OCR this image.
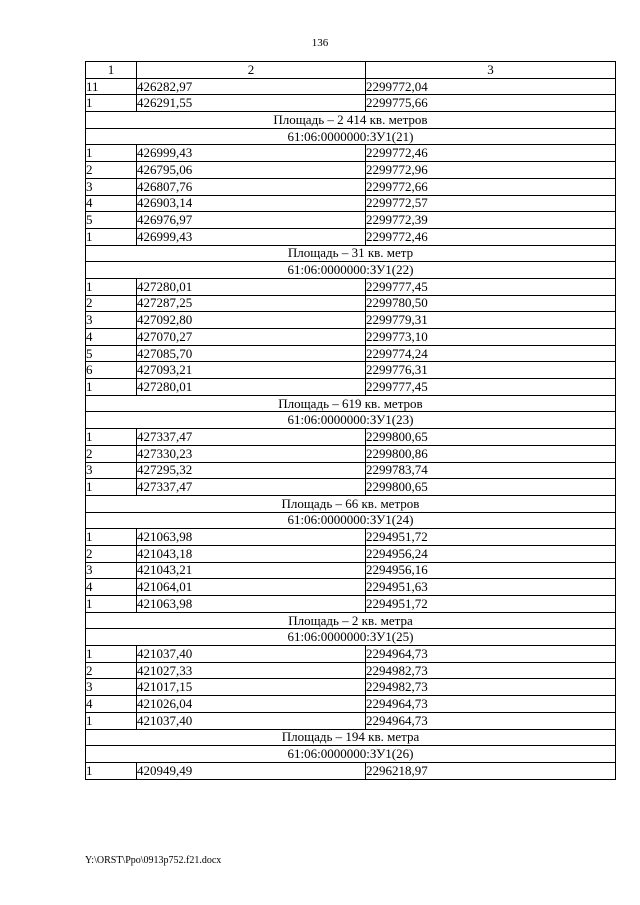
136
1	2	3
11	426282,97	2299772,04
1	426291,55	2299775,66
Площадь – 2 414 кв. метров		
61:06:0000000:ЗУ1(21)		
1	426999,43	2299772,46
2	426795,06	2299772,96
3	426807,76	2299772,66
4	426903,14	2299772,57
5	426976,97	2299772,39
1	426999,43	2299772,46
Площадь – 31 кв. метр		
61:06:0000000:ЗУ1(22)		
1	427280,01	2299777,45
2	427287,25	2299780,50
3	427092,80	2299779,31
4	427070,27	2299773,10
5	427085,70	2299774,24
6	427093,21	2299776,31
1	427280,01	2299777,45
Площадь – 619 кв. метров		
61:06:0000000:ЗУ1(23)		
1	427337,47	2299800,65
2	427330,23	2299800,86
3	427295,32	2299783,74
1	427337,47	2299800,65
Площадь – 66 кв. метров		
61:06:0000000:ЗУ1(24)		
1	421063,98	2294951,72
2	421043,18	2294956,24
3	421043,21	2294956,16
4	421064,01	2294951,63
1	421063,98	2294951,72
Площадь – 2 кв. метра		
61:06:0000000:ЗУ1(25)		
1	421037,40	2294964,73
2	421027,33	2294982,73
3	421017,15	2294982,73
4	421026,04	2294964,73
1	421037,40	2294964,73
Площадь – 194 кв. метра		
61:06:0000000:ЗУ1(26)		
1	420949,49	2296218,97
Y:\ORST\Ppo\0913p752.f21.docx
